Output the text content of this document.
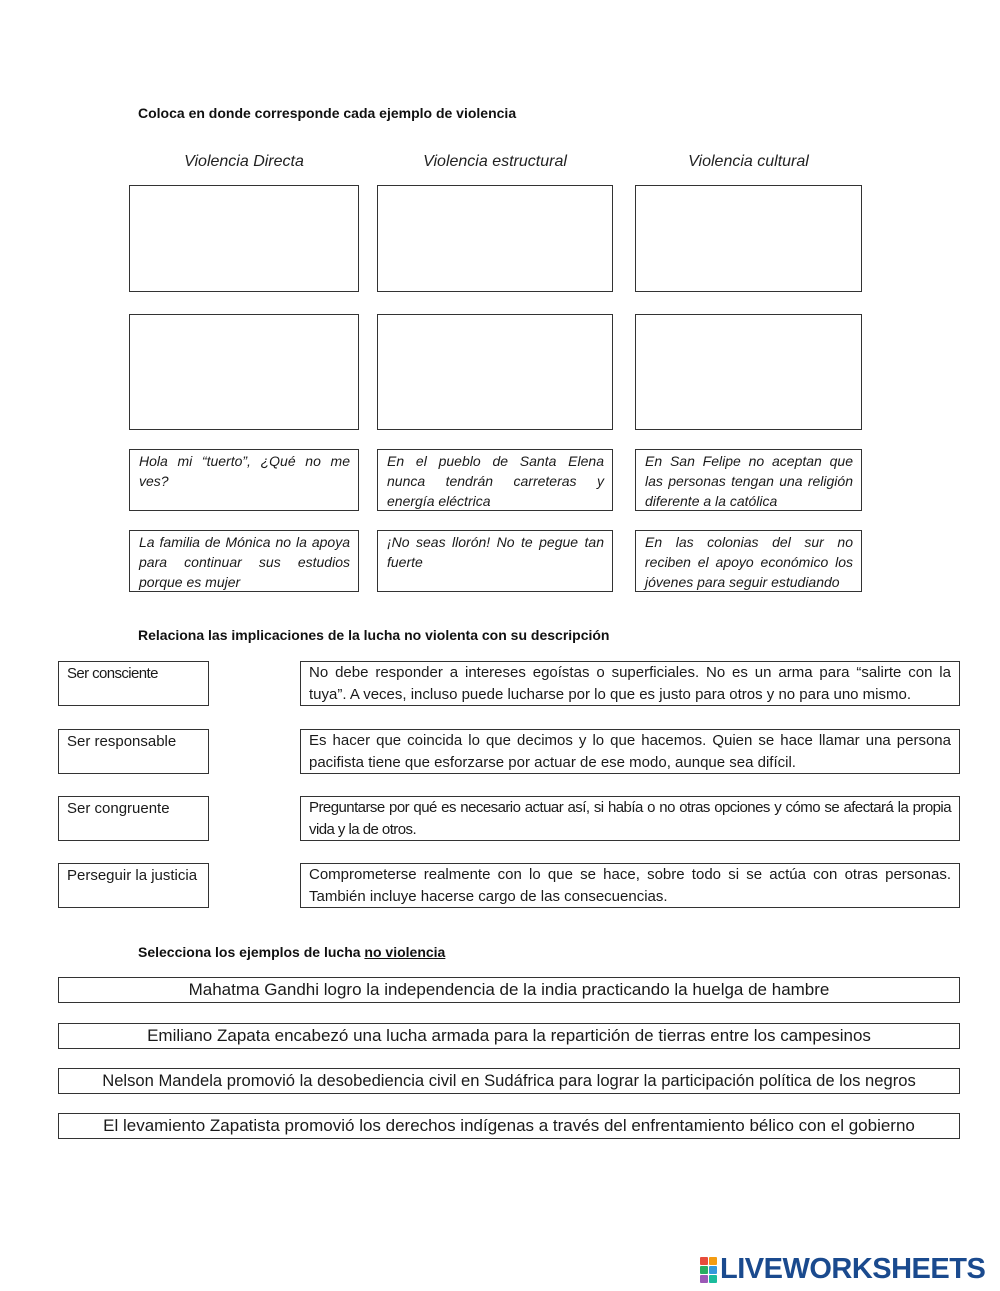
Coloca en donde corresponde cada ejemplo de violencia
Violencia Directa	Violencia estructural	Violencia cultural
Hola mi “tuerto”, ¿Qué no me ves?
En el pueblo de Santa Elena nunca tendrán carreteras y energía eléctrica
En San Felipe no aceptan que las personas tengan una religión diferente a la católica
La familia de Mónica no la apoya para continuar sus estudios porque es mujer
¡No seas llorón! No te pegue tan fuerte
En las colonias del sur no reciben el apoyo económico los jóvenes para seguir estudiando
Relaciona las implicaciones de la lucha no violenta con su descripción
Ser consciente	No debe responder a intereses egoístas o superficiales. No es un arma para “salirte con la tuya”. A veces, incluso puede lucharse por lo que es justo para otros y no para uno mismo.
Ser responsable	Es hacer que coincida lo que decimos y lo que hacemos. Quien se hace llamar una persona pacifista tiene que esforzarse por actuar de ese modo, aunque sea difícil.
Ser congruente	Preguntarse por qué es necesario actuar así, si había o no otras opciones y cómo se afectará la propia vida y la de otros.
Perseguir la justicia	Comprometerse realmente con lo que se hace, sobre todo si se actúa con otras personas. También incluye hacerse cargo de las consecuencias.
Selecciona los ejemplos de lucha no violencia
Mahatma Gandhi logro la independencia de la india practicando la huelga de hambre
Emiliano Zapata encabezó una lucha armada para la repartición de tierras entre los campesinos
Nelson Mandela promovió la desobediencia civil en Sudáfrica para lograr la participación política de los negros
El levamiento Zapatista promovió los derechos indígenas a través del enfrentamiento bélico con el gobierno
LIVEWORKSHEETS
